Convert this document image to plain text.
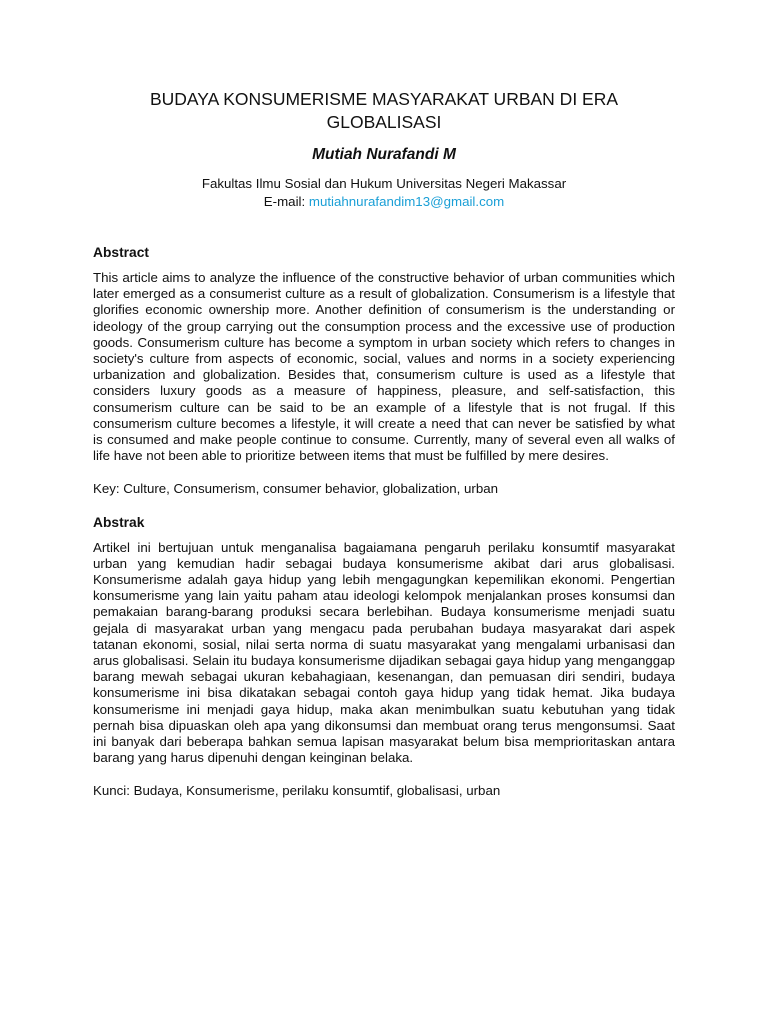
BUDAYA KONSUMERISME MASYARAKAT URBAN DI ERA
GLOBALISASI
Mutiah Nurafandi M
Fakultas Ilmu Sosial dan Hukum Universitas Negeri Makassar
E-mail: mutiahnurafandim13@gmail.com
Abstract

This article aims to analyze the influence of the constructive behavior of urban communities which later emerged as a consumerist culture as a result of globalization. Consumerism is a lifestyle that glorifies economic ownership more. Another definition of consumerism is the understanding or ideology of the group carrying out the consumption process and the excessive use of production goods. Consumerism culture has become a symptom in urban society which refers to changes in society's culture from aspects of economic, social, values and norms in a society experiencing urbanization and globalization. Besides that, consumerism culture is used as a lifestyle that considers luxury goods as a measure of happiness, pleasure, and self-satisfaction, this consumerism culture can be said to be an example of a lifestyle that is not frugal. If this consumerism culture becomes a lifestyle, it will create a need that can never be satisfied by what is consumed and make people continue to consume. Currently, many of several even all walks of life have not been able to prioritize between items that must be fulfilled by mere desires.

Key: Culture, Consumerism, consumer behavior, globalization, urban

Abstrak

Artikel ini bertujuan untuk menganalisa bagaiamana pengaruh perilaku konsumtif masyarakat urban yang kemudian hadir sebagai budaya konsumerisme akibat dari arus globalisasi. Konsumerisme adalah gaya hidup yang lebih mengagungkan kepemilikan ekonomi. Pengertian konsumerisme yang lain yaitu paham atau ideologi kelompok menjalankan proses konsumsi dan pemakaian barang-barang produksi secara berlebihan. Budaya konsumerisme menjadi suatu gejala di masyarakat urban yang mengacu pada perubahan budaya masyarakat dari aspek tatanan ekonomi, sosial, nilai serta norma di suatu masyarakat yang mengalami urbanisasi dan arus globalisasi. Selain itu budaya konsumerisme dijadikan sebagai gaya hidup yang menganggap barang mewah sebagai ukuran kebahagiaan, kesenangan, dan pemuasan diri sendiri, budaya konsumerisme ini bisa dikatakan sebagai contoh gaya hidup yang tidak hemat. Jika budaya konsumerisme ini menjadi gaya hidup, maka akan menimbulkan suatu kebutuhan yang tidak pernah bisa dipuaskan oleh apa yang dikonsumsi dan membuat orang terus mengonsumsi. Saat ini banyak dari beberapa bahkan semua lapisan masyarakat belum bisa memprioritaskan antara barang yang harus dipenuhi dengan keinginan belaka.

Kunci: Budaya, Konsumerisme, perilaku konsumtif, globalisasi, urban
